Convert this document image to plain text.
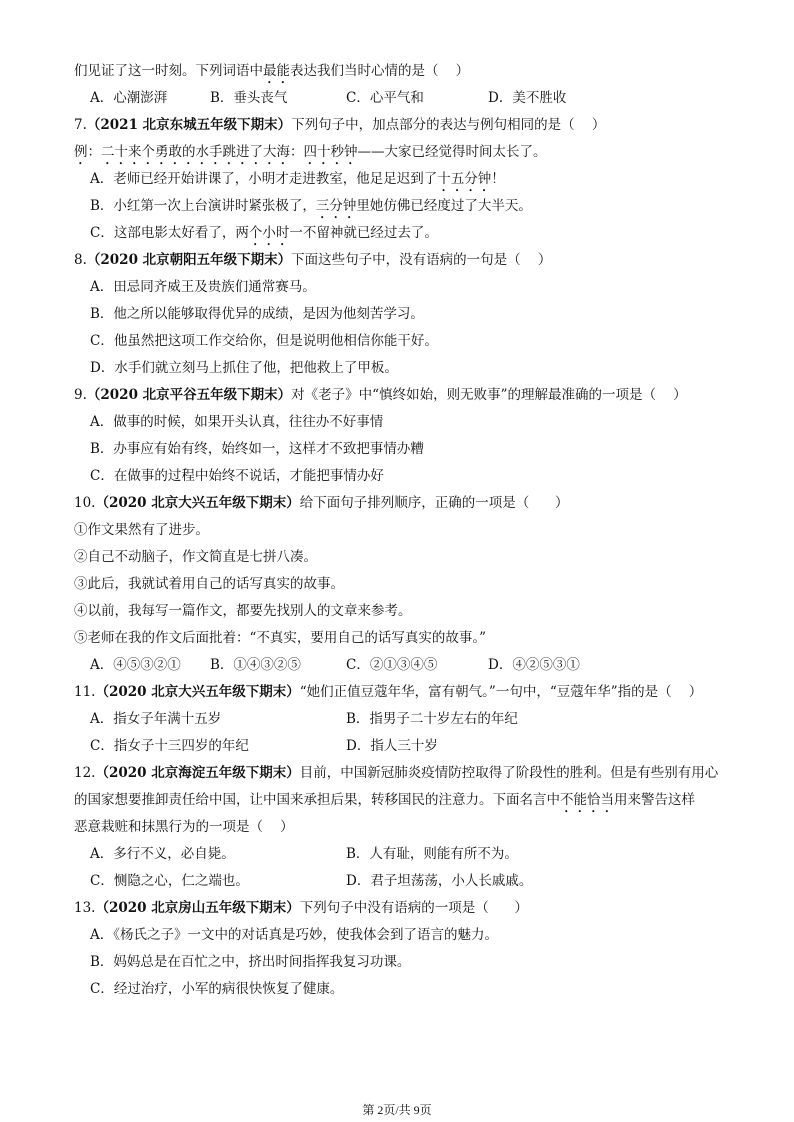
们见证了这一时刻。下列词语中最能表达我们当时心情的是（    ）
A．心潮澎湃	B．垂头丧气	C．心平气和	D．美不胜收
7.（2021 北京东城五年级下期末）下列句子中，加点部分的表达与例句相同的是（    ）
例：二十来个勇敢的水手跳进了大海：四十秒钟——大家已经觉得时间太长了。
A．老师已经开始讲课了，小明才走进教室，他足足迟到了十五分钟！
B．小红第一次上台演讲时紧张极了，三分钟里她仿佛已经度过了大半天。
C．这部电影太好看了，两个小时一不留神就已经过去了。
8.（2020 北京朝阳五年级下期末）下面这些句子中，没有语病的一句是（    ）
A．田忌同齐威王及贵族们通常赛马。
B．他之所以能够取得优异的成绩，是因为他刻苦学习。
C．他虽然把这项工作交给你，但是说明他相信你能干好。
D．水手们就立刻马上抓住了他，把他救上了甲板。
9.（2020 北京平谷五年级下期末）对《老子》中“慎终如始，则无败事”的理解最准确的一项是（    ）
A．做事的时候，如果开头认真，往往办不好事情
B．办事应有始有终，始终如一，这样才不致把事情办糟
C．在做事的过程中始终不说话，才能把事情办好
10.（2020 北京大兴五年级下期末）给下面句子排列顺序，正确的一项是（      ）
①作文果然有了进步。
②自己不动脑子，作文简直是七拼八凑。
③此后，我就试着用自己的话写真实的故事。
④以前，我每写一篇作文，都要先找别人的文章来参考。
⑤老师在我的作文后面批着：“不真实，要用自己的话写真实的故事。”
A．④⑤③②① B．①④③②⑤	C．②①③④⑤	D．④②⑤③①
11.（2020 北京大兴五年级下期末）“她们正值豆蔻年华，富有朝气。”一句中，“豆蔻年华”指的是（    ）
A．指女子年满十五岁	B．指男子二十岁左右的年纪
C．指女子十三四岁的年纪	D．指人三十岁
12.（2020 北京海淀五年级下期末）目前，中国新冠肺炎疫情防控取得了阶段性的胜利。但是有些别有用心
的国家想要推卸责任给中国，让中国来承担后果，转移国民的注意力。下面名言中不能恰当用来警告这样
恶意栽赃和抹黑行为的一项是（    ）
A．多行不义，必自毙。	B．人有耻，则能有所不为。
C．恻隐之心，仁之端也。	D．君子坦荡荡，小人长戚戚。
13.（2020 北京房山五年级下期末）下列句子中没有语病的一项是（      ）
A．《杨氏之子》一文中的对话真是巧妙，使我体会到了语言的魅力。
B．妈妈总是在百忙之中，挤出时间指挥我复习功课。
C．经过治疗，小军的病很快恢复了健康。
第 2页/共 9页
